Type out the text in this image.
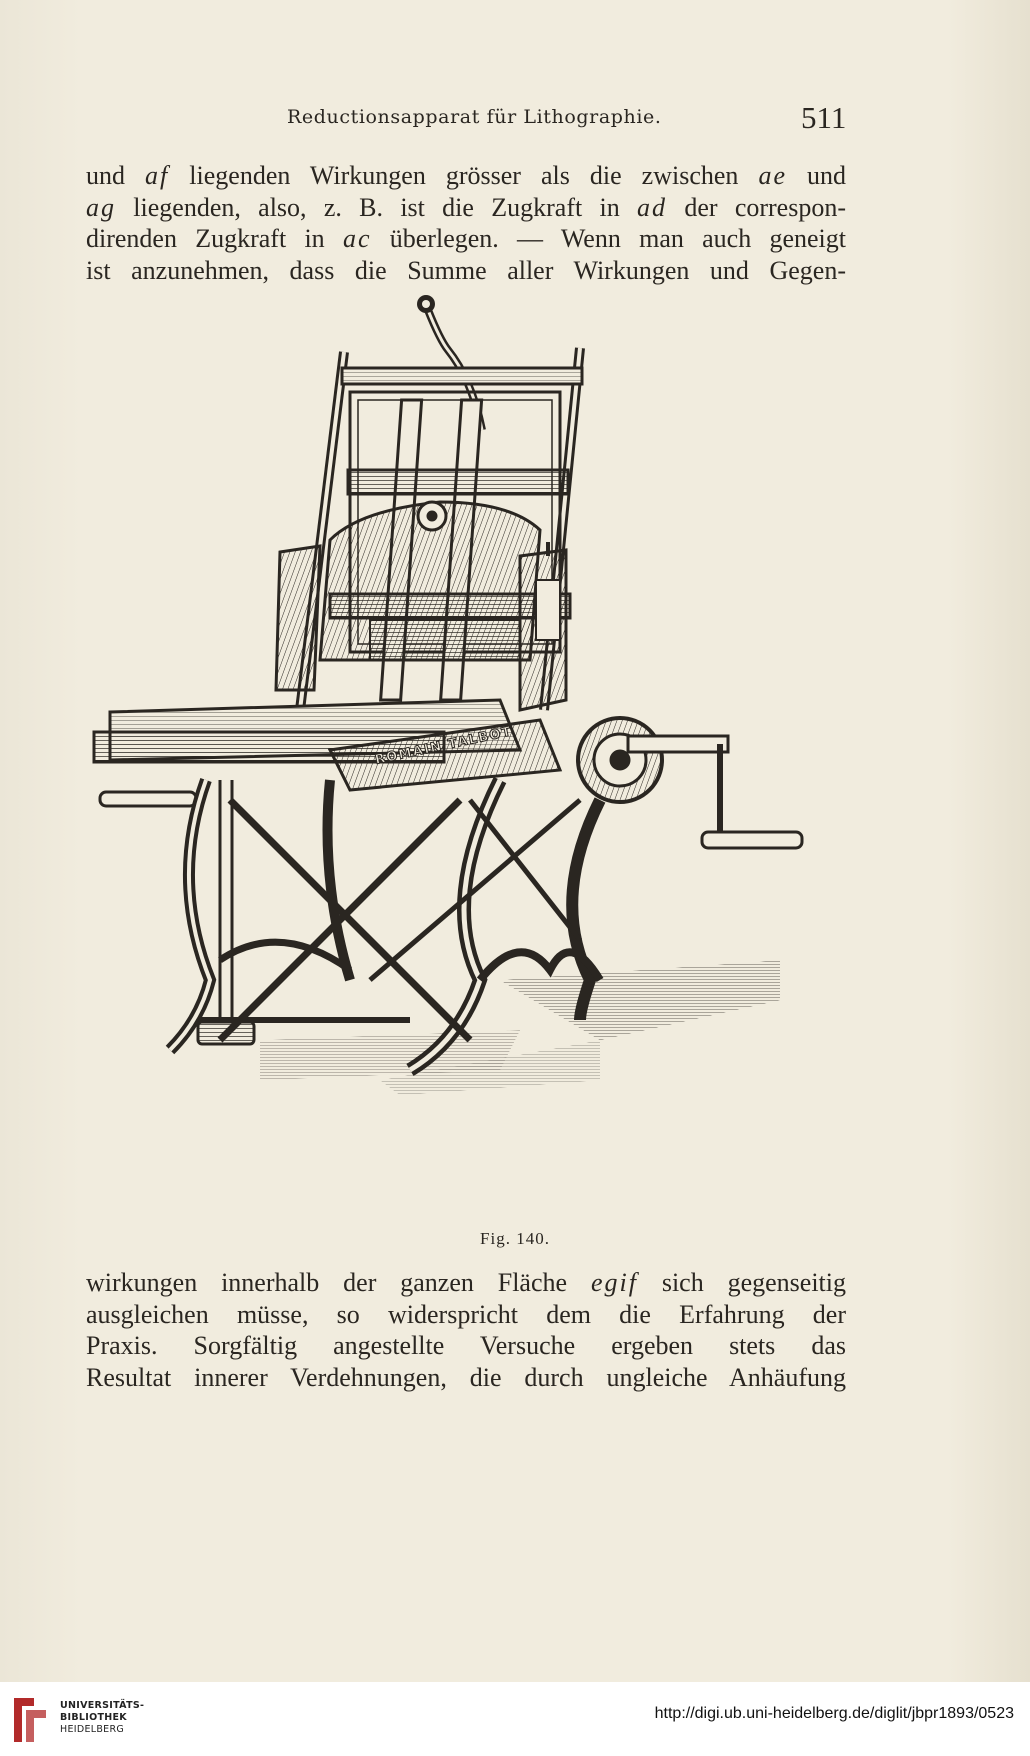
Reductionsapparat für Lithographie.	511
und af liegenden Wirkungen grösser als die zwischen ae und
ag liegenden, also, z. B. ist die Zugkraft in ad der correspon-
direnden Zugkraft in ac überlegen. — Wenn man auch geneigt
ist anzunehmen, dass die Summe aller Wirkungen und Gegen-
ROMAIN TALBOT
Fig. 140.
wirkungen innerhalb der ganzen Fläche egif sich gegenseitig
ausgleichen müsse, so widerspricht dem die Erfahrung der
Praxis. Sorgfältig angestellte Versuche ergeben stets das
Resultat innerer Verdehnungen, die durch ungleiche Anhäufung
UNIVERSITÄTS-
BIBLIOTHEK
HEIDELBERG
http://digi.ub.uni-heidelberg.de/diglit/jbpr1893/0523
